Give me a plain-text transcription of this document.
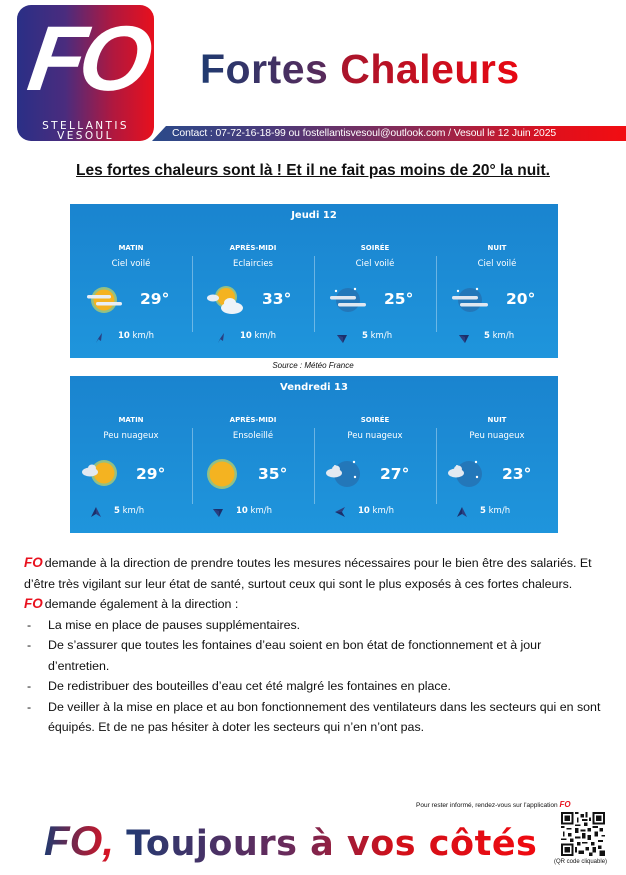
FO
STELLANTIS
VESOUL
Fortes Chaleurs
Contact : 07-72-16-18-99 ou fostellantisvesoul@outlook.com / Vesoul le 12 Juin 2025
Les fortes chaleurs sont là ! Et il ne fait pas moins de 20° la nuit.
Jeudi 12
MATIN
Ciel voilé
29°
10 km/h
APRÈS-MIDI
Eclaircies
33°
10 km/h
SOIRÉE
Ciel voilé
25°
5 km/h
NUIT
Ciel voilé
20°
5 km/h
Source : Météo France
Vendredi 13
MATIN
Peu nuageux
29°
5 km/h
APRÈS-MIDI
Ensoleillé
35°
10 km/h
SOIRÉE
Peu nuageux
27°
10 km/h
NUIT
Peu nuageux
23°
5 km/h

FO demande à la direction de prendre toutes les mesures nécessaires pour le bien être des salariés. Et d’être très vigilant sur leur état de santé, surtout ceux qui sont le plus exposés à ces fortes chaleurs.

FO demande également à la direction :

- La mise en place de pauses supplémentaires.
- De s’assurer que toutes les fontaines d’eau soient en bon état de fonctionnement et à jour d’entretien.
- De redistribuer des bouteilles d’eau cet été malgré les fontaines en place.
- De veiller à la mise en place et au bon fonctionnement des ventilateurs dans les secteurs qui en sont équipés. Et de ne pas hésiter à doter les secteurs qui n’en n’ont pas.
Pour rester informé, rendez-vous sur l’application FO
FO, Toujours à vos côtés	(QR code cliquable)
